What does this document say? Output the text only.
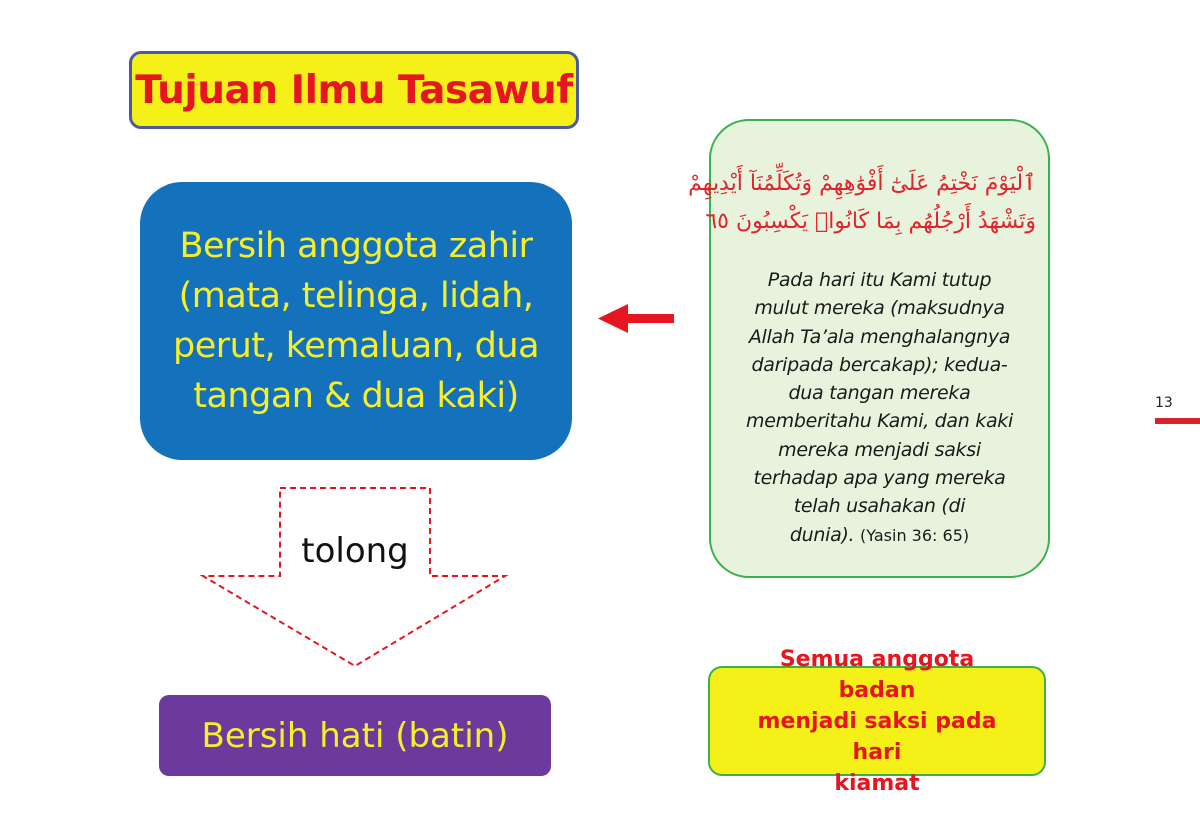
Tujuan Ilmu Tasawuf
Bersih anggota zahir
(mata, telinga, lidah,
perut, kemaluan, dua
tangan & dua kaki)
tolong
Bersih hati (batin)
ٱلْيَوْمَ نَخْتِمُ عَلَىٰٓ أَفْوَٰهِهِمْ وَتُكَلِّمُنَآ أَيْدِيهِمْ
وَتَشْهَدُ أَرْجُلُهُم بِمَا كَانُوا۟ يَكْسِبُونَ ٦٥
Pada hari itu Kami tutup
mulut mereka (maksudnya
Allah Ta’ala menghalangnya
daripada bercakap); kedua-
dua tangan mereka
memberitahu Kami, dan kaki
mereka menjadi saksi
terhadap apa yang mereka
telah usahakan (di
dunia). (Yasin 36: 65)
Semua anggota badan
menjadi saksi pada hari
kiamat
13
